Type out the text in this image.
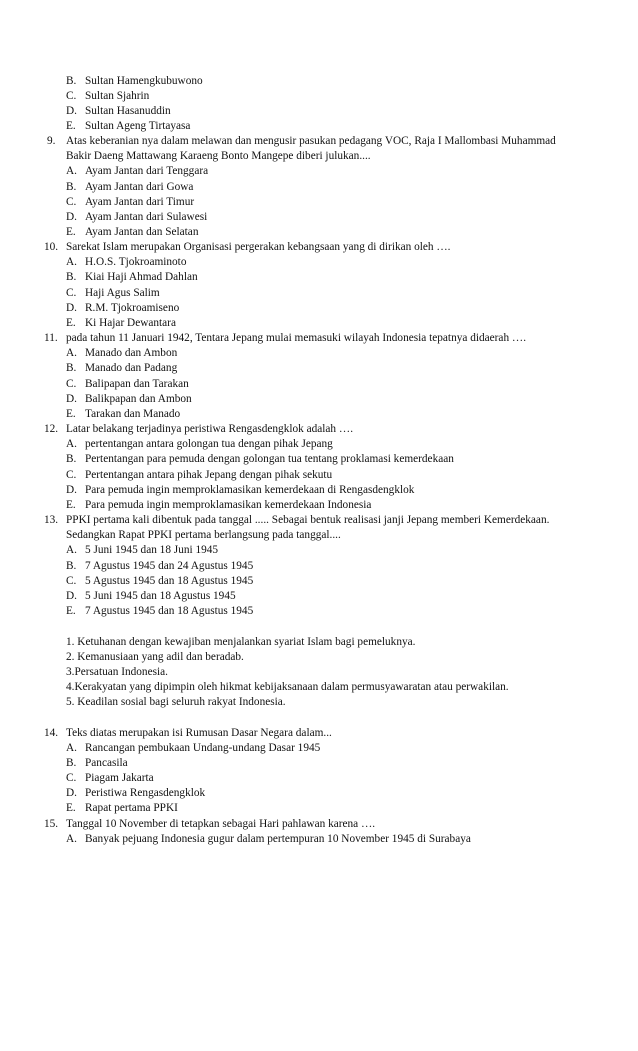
B. Sultan Hamengkubuwono
C. Sultan Sjahrin
D. Sultan Hasanuddin
E. Sultan Ageng Tirtayasa
9. Atas keberanian nya dalam melawan dan mengusir pasukan pedagang VOC, Raja I Mallombasi Muhammad
Bakir Daeng Mattawang Karaeng Bonto Mangepe diberi julukan....
A. Ayam Jantan dari Tenggara
B. Ayam Jantan dari Gowa
C. Ayam Jantan dari Timur
D. Ayam Jantan dari Sulawesi
E. Ayam Jantan dan Selatan
10. Sarekat Islam merupakan Organisasi pergerakan kebangsaan yang di dirikan oleh ….
A. H.O.S. Tjokroaminoto
B. Kiai Haji Ahmad Dahlan
C. Haji Agus Salim
D. R.M. Tjokroamiseno
E. Ki Hajar Dewantara
11. pada tahun 11 Januari 1942, Tentara Jepang mulai memasuki wilayah Indonesia tepatnya didaerah ….
A. Manado dan Ambon
B. Manado dan Padang
C. Balipapan dan Tarakan
D. Balikpapan dan Ambon
E. Tarakan dan Manado
12. Latar belakang terjadinya peristiwa Rengasdengklok adalah ….
A. pertentangan antara golongan tua dengan pihak Jepang
B. Pertentangan para pemuda dengan golongan tua tentang proklamasi kemerdekaan
C. Pertentangan antara pihak Jepang dengan pihak sekutu
D. Para pemuda ingin memproklamasikan kemerdekaan di Rengasdengklok
E. Para pemuda ingin memproklamasikan kemerdekaan Indonesia
13. PPKI pertama kali dibentuk pada tanggal ..... Sebagai bentuk realisasi janji Jepang memberi Kemerdekaan.
Sedangkan Rapat PPKI pertama berlangsung pada tanggal....
A. 5 Juni 1945 dan 18 Juni 1945
B. 7 Agustus 1945 dan 24 Agustus 1945
C. 5 Agustus 1945 dan 18 Agustus 1945
D. 5 Juni 1945 dan 18 Agustus 1945
E. 7 Agustus 1945 dan 18 Agustus 1945
1. Ketuhanan dengan kewajiban menjalankan syariat Islam bagi pemeluknya.
2. Kemanusiaan yang adil dan beradab.
3.Persatuan Indonesia.
4.Kerakyatan yang dipimpin oleh hikmat kebijaksanaan dalam permusyawaratan atau perwakilan.
5. Keadilan sosial bagi seluruh rakyat Indonesia.
14. Teks diatas merupakan isi Rumusan Dasar Negara dalam...
A. Rancangan pembukaan Undang-undang Dasar 1945
B. Pancasila
C. Piagam Jakarta
D. Peristiwa Rengasdengklok
E. Rapat pertama PPKI
15. Tanggal 10 November di tetapkan sebagai Hari pahlawan karena ….
A. Banyak pejuang Indonesia gugur dalam pertempuran 10 November 1945 di Surabaya
